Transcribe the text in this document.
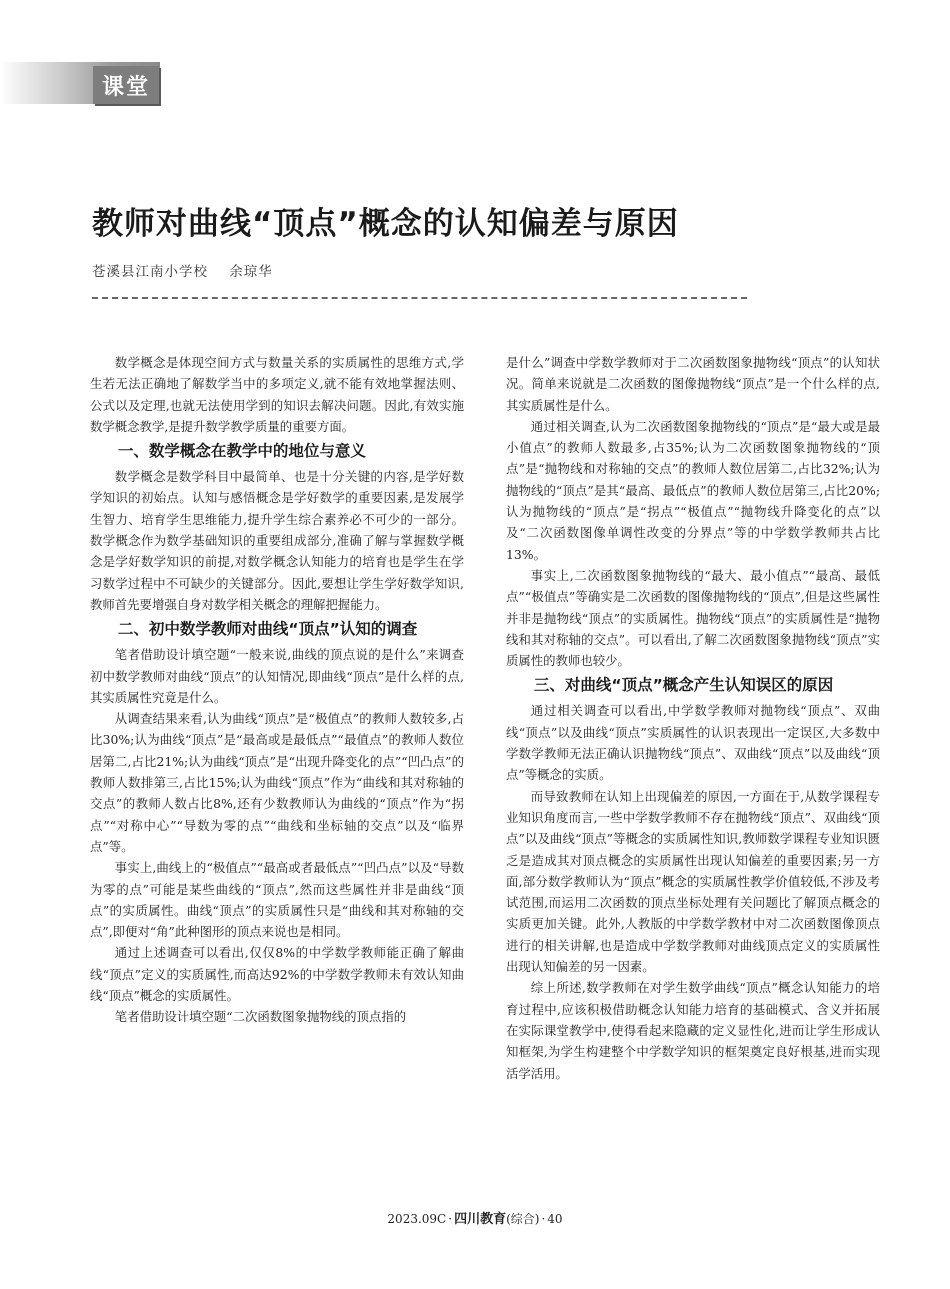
课堂
教师对曲线“顶点”概念的认知偏差与原因
苍溪县江南小学校 余琼华

数学概念是体现空间方式与数量关系的实质属性的思维方式,学生若无法正确地了解数学当中的多项定义,就不能有效地掌握法则、公式以及定理,也就无法使用学到的知识去解决问题。因此,有效实施数学概念教学,是提升数学教学质量的重要方面。

一、数学概念在教学中的地位与意义

数学概念是数学科目中最简单、也是十分关键的内容,是学好数学知识的初始点。认知与感悟概念是学好数学的重要因素,是发展学生智力、培育学生思维能力,提升学生综合素养必不可少的一部分。数学概念作为数学基础知识的重要组成部分,准确了解与掌握数学概念是学好数学知识的前提,对数学概念认知能力的培育也是学生在学习数学过程中不可缺少的关键部分。因此,要想让学生学好数学知识,教师首先要增强自身对数学相关概念的理解把握能力。

二、初中数学教师对曲线“顶点”认知的调查

笔者借助设计填空题“一般来说,曲线的顶点说的是什么”来调查初中数学教师对曲线“顶点”的认知情况,即曲线“顶点”是什么样的点,其实质属性究竟是什么。

从调查结果来看,认为曲线“顶点”是“极值点”的教师人数较多,占比30%;认为曲线“顶点”是“最高或是最低点”“最值点”的教师人数位居第二,占比21%;认为曲线“顶点”是“出现升降变化的点”“凹凸点”的教师人数排第三,占比15%;认为曲线“顶点”作为“曲线和其对称轴的交点”的教师人数占比8%,还有少数教师认为曲线的“顶点”作为“拐点”“对称中心”“导数为零的点”“曲线和坐标轴的交点”以及“临界点”等。

事实上,曲线上的“极值点”“最高或者最低点”“凹凸点”以及“导数为零的点”可能是某些曲线的“顶点”,然而这些属性并非是曲线“顶点”的实质属性。曲线“顶点”的实质属性只是“曲线和其对称轴的交点”,即便对“角”此种图形的顶点来说也是相同。

通过上述调查可以看出,仅仅8%的中学数学教师能正确了解曲线“顶点”定义的实质属性,而高达92%的中学数学教师未有效认知曲线“顶点”概念的实质属性。

笔者借助设计填空题“二次函数图象抛物线的顶点指的

是什么”调查中学数学教师对于二次函数图象抛物线“顶点”的认知状况。简单来说就是二次函数的图像抛物线“顶点”是一个什么样的点,其实质属性是什么。

通过相关调查,认为二次函数图象抛物线的“顶点”是“最大或是最小值点”的教师人数最多,占35%;认为二次函数图象抛物线的“顶点”是“抛物线和对称轴的交点”的教师人数位居第二,占比32%;认为抛物线的“顶点”是其“最高、最低点”的教师人数位居第三,占比20%;认为抛物线的“顶点”是“拐点”“极值点”“抛物线升降变化的点”以及“二次函数图像单调性改变的分界点”等的中学数学教师共占比13%。

事实上,二次函数图象抛物线的“最大、最小值点”“最高、最低点”“极值点”等确实是二次函数的图像抛物线的“顶点”,但是这些属性并非是抛物线“顶点”的实质属性。抛物线“顶点”的实质属性是“抛物线和其对称轴的交点”。可以看出,了解二次函数图象抛物线“顶点”实质属性的教师也较少。

三、对曲线“顶点”概念产生认知误区的原因

通过相关调查可以看出,中学数学教师对抛物线“顶点”、双曲线“顶点”以及曲线“顶点”实质属性的认识表现出一定误区,大多数中学数学教师无法正确认识抛物线“顶点”、双曲线“顶点”以及曲线“顶点”等概念的实质。

而导致教师在认知上出现偏差的原因,一方面在于,从数学课程专业知识角度而言,一些中学数学教师不存在抛物线“顶点”、双曲线“顶点”以及曲线“顶点”等概念的实质属性知识,教师数学课程专业知识匮乏是造成其对顶点概念的实质属性出现认知偏差的重要因素;另一方面,部分数学教师认为“顶点”概念的实质属性教学价值较低,不涉及考试范围,而运用二次函数的顶点坐标处理有关问题比了解顶点概念的实质更加关键。此外,人教版的中学数学教材中对二次函数图像顶点进行的相关讲解,也是造成中学数学教师对曲线顶点定义的实质属性出现认知偏差的另一因素。

综上所述,数学教师在对学生数学曲线“顶点”概念认知能力的培育过程中,应该积极借助概念认知能力培育的基础模式、含义并拓展在实际课堂教学中,使得看起来隐藏的定义显性化,进而让学生形成认知框架,为学生构建整个中学数学知识的框架奠定良好根基,进而实现活学活用。

2023.09C · 四川教育(综合) · 40
